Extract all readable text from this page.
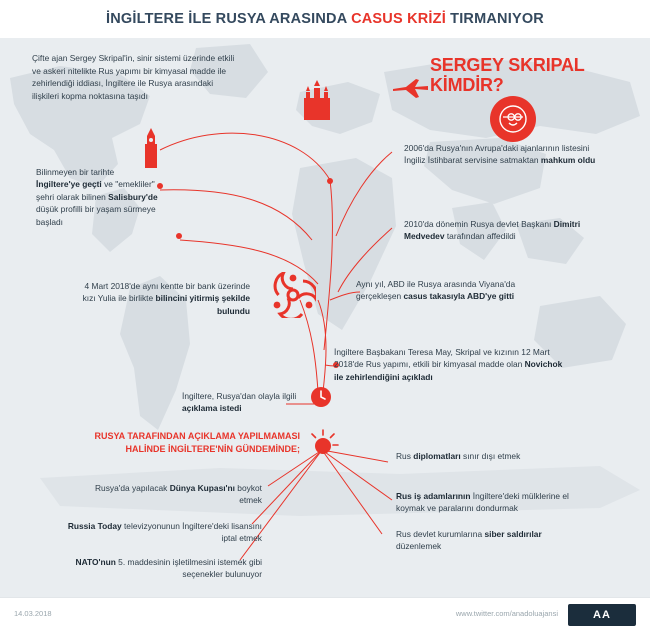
İNGİLTERE İLE RUSYA ARASINDA CASUS KRİZİ TIRMANIYOR
Çifte ajan Sergey Skripal'in, sinir sistemi üzerinde etkili ve askeri nitelikte Rus yapımı bir kimyasal madde ile zehirlendiği iddiası, İngiltere ile Rusya arasındaki ilişkileri kopma noktasına taşıdı
SERGEY SKRIPAL
KİMDİR?
Bilinmeyen bir tarihte İngiltere'ye geçti ve "emekliler" şehri olarak bilinen Salisbury'de düşük profilli bir yaşam sürmeye başladı
4 Mart 2018'de aynı kentte bir bank üzerinde kızı Yulia ile birlikte bilincini yitirmiş şekilde bulundu
2006'da Rusya'nın Avrupa'daki ajanlarının listesini İngiliz İstihbarat servisine satmaktan mahkum oldu
2010'da dönemin Rusya devlet Başkanı Dimitri Medvedev tarafından affedildi
Aynı yıl, ABD ile Rusya arasında Viyana'da gerçekleşen casus takasıyla ABD'ye gitti
İngiltere Başbakanı Teresa May, Skripal ve kızının 12 Mart 2018'de Rus yapımı, etkili bir kimyasal madde olan Novichok ile zehirlendiğini açıkladı
İngiltere, Rusya'dan olayla ilgili açıklama istedi
RUSYA TARAFINDAN AÇIKLAMA YAPILMAMASI
HALİNDE İNGİLTERE'NİN GÜNDEMİNDE;
Rusya'da yapılacak Dünya Kupası'nı boykot etmek
Russia Today televizyonunun İngiltere'deki lisansını iptal etmek
NATO'nun 5. maddesinin işletilmesini istemek gibi seçenekler bulunuyor
Rus diplomatları sınır dışı etmek
Rus iş adamlarının İngiltere'deki mülklerine el koymak ve paralarını dondurmak
Rus devlet kurumlarına siber saldırılar düzenlemek
14.03.2018	www.twitter.com/anadoluajansi	AA
